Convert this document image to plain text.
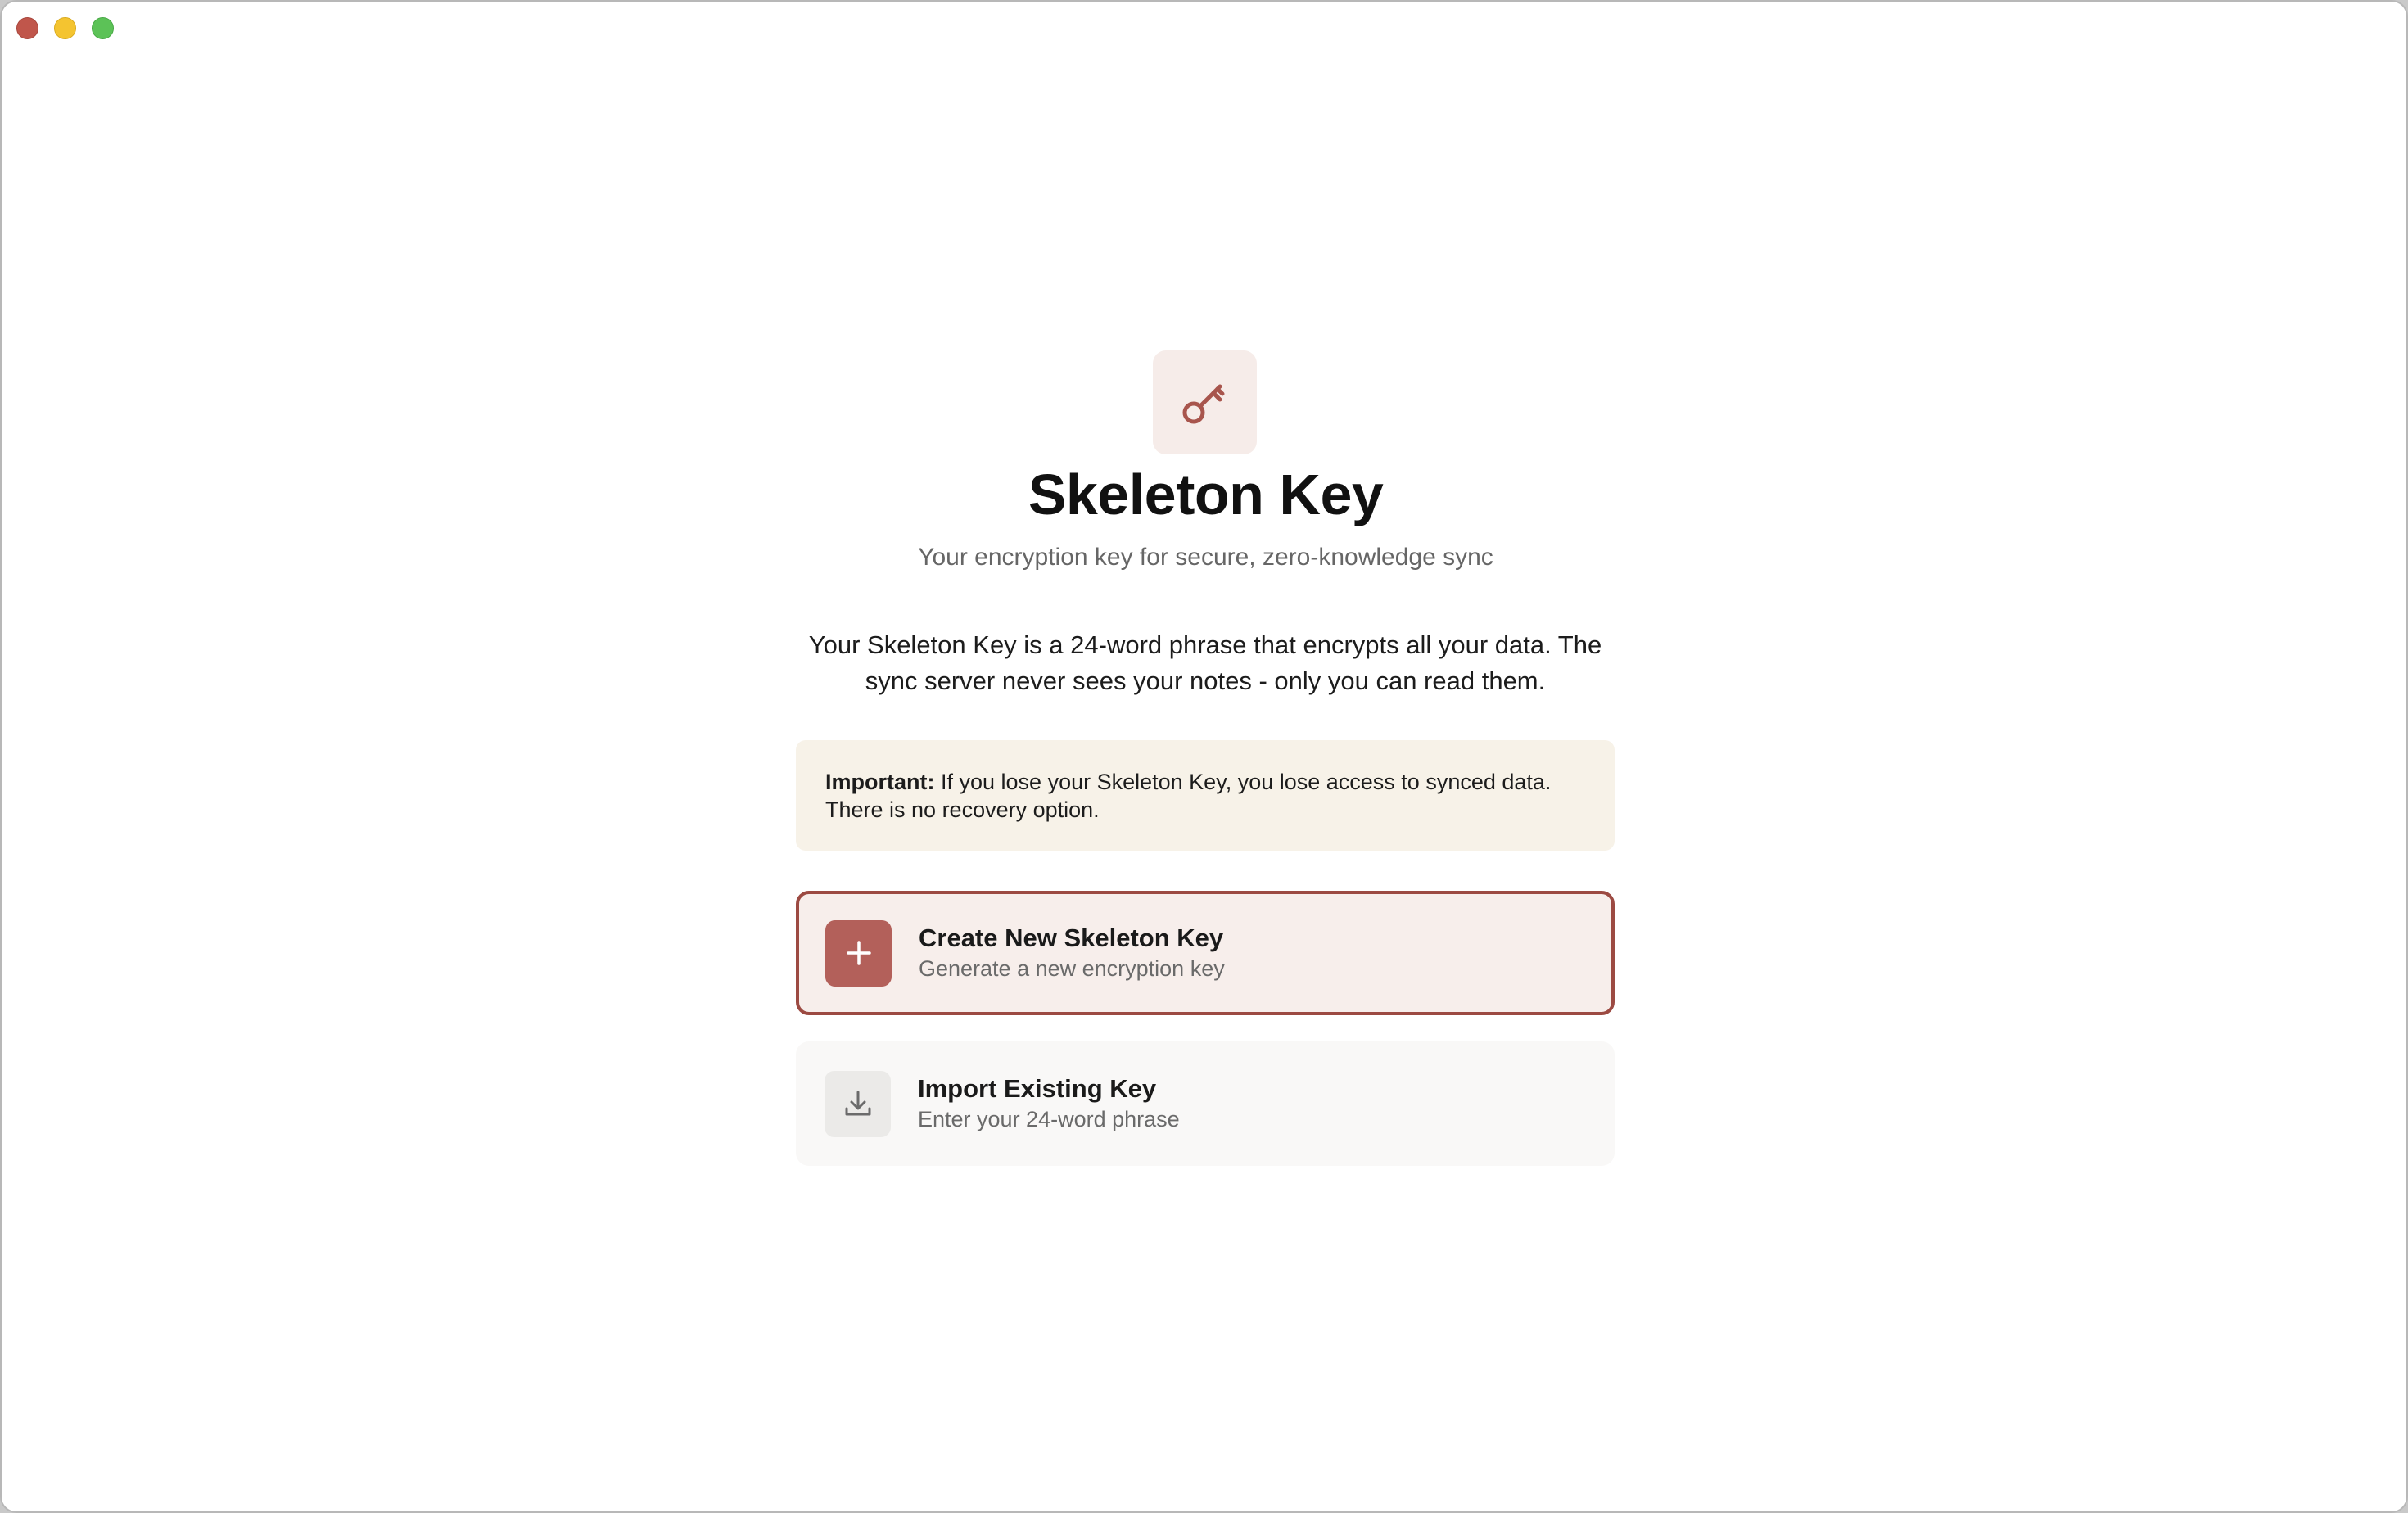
Skeleton Key
Your encryption key for secure, zero-knowledge sync

Your Skeleton Key is a 24-word phrase that encrypts all your data. The sync server never sees your notes - only you can read them.

Important: If you lose your Skeleton Key, you lose access to synced data. There is no recovery option.
Create New Skeleton Key
Generate a new encryption key
Import Existing Key
Enter your 24-word phrase
